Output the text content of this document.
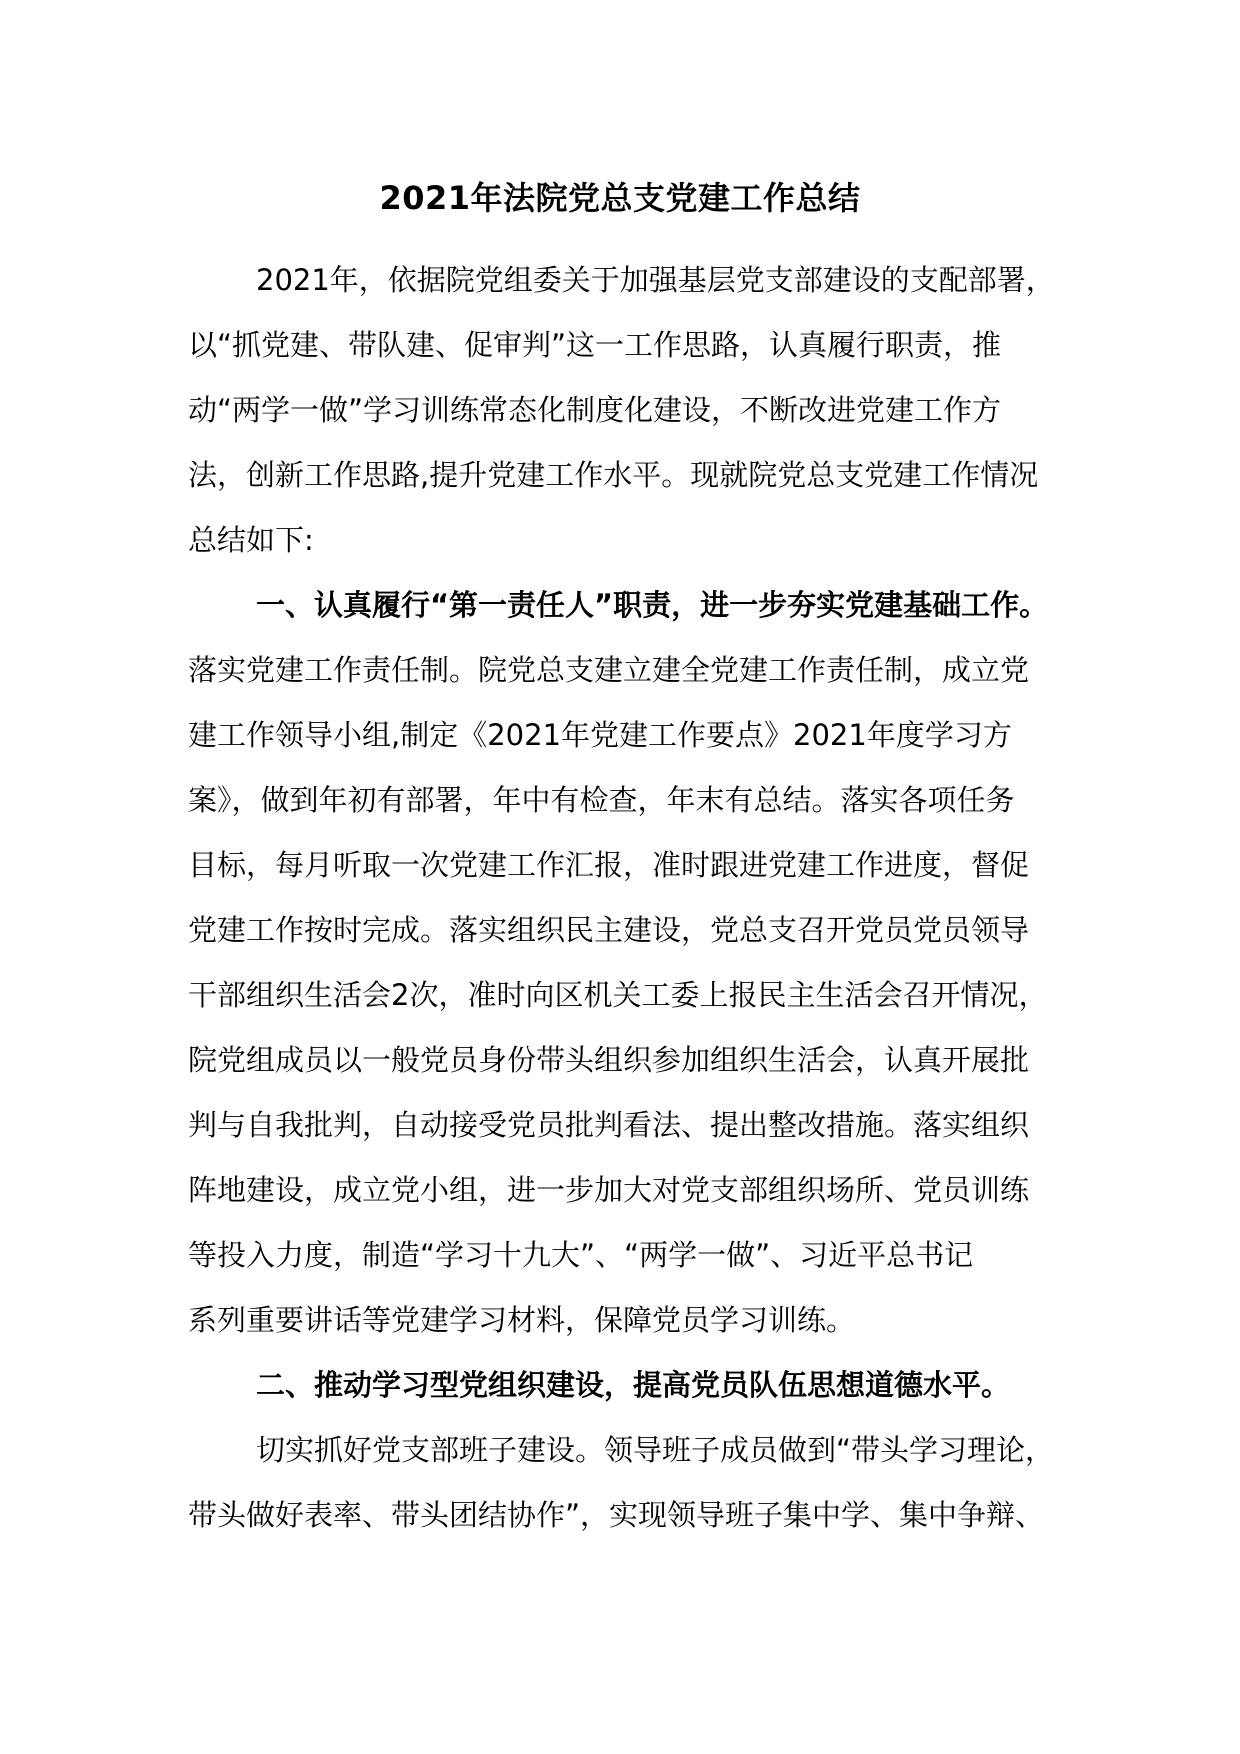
2021年法院党总支党建工作总结
2021年，依据院党组委关于加强基层党支部建设的支配部署，
以“抓党建、带队建、促审判”这一工作思路，认真履行职责，推
动“两学一做”学习训练常态化制度化建设，不断改进党建工作方
法，创新工作思路,提升党建工作水平。现就院党总支党建工作情况
总结如下:
一、认真履行“第一责任人”职责，进一步夯实党建基础工作。
落实党建工作责任制。院党总支建立建全党建工作责任制，成立党
建工作领导小组,制定《2021年党建工作要点》2021年度学习方
案》，做到年初有部署，年中有检查，年末有总结。落实各项任务
目标，每月听取一次党建工作汇报，准时跟进党建工作进度，督促
党建工作按时完成。落实组织民主建设，党总支召开党员党员领导
干部组织生活会2次，准时向区机关工委上报民主生活会召开情况，
院党组成员以一般党员身份带头组织参加组织生活会，认真开展批
判与自我批判，自动接受党员批判看法、提出整改措施。落实组织
阵地建设，成立党小组，进一步加大对党支部组织场所、党员训练
等投入力度，制造“学习十九大”、“两学一做”、习近平总书记
系列重要讲话等党建学习材料，保障党员学习训练。
二、推动学习型党组织建设，提高党员队伍思想道德水平。
切实抓好党支部班子建设。领导班子成员做到“带头学习理论，
带头做好表率、带头团结协作”，实现领导班子集中学、集中争辩、
